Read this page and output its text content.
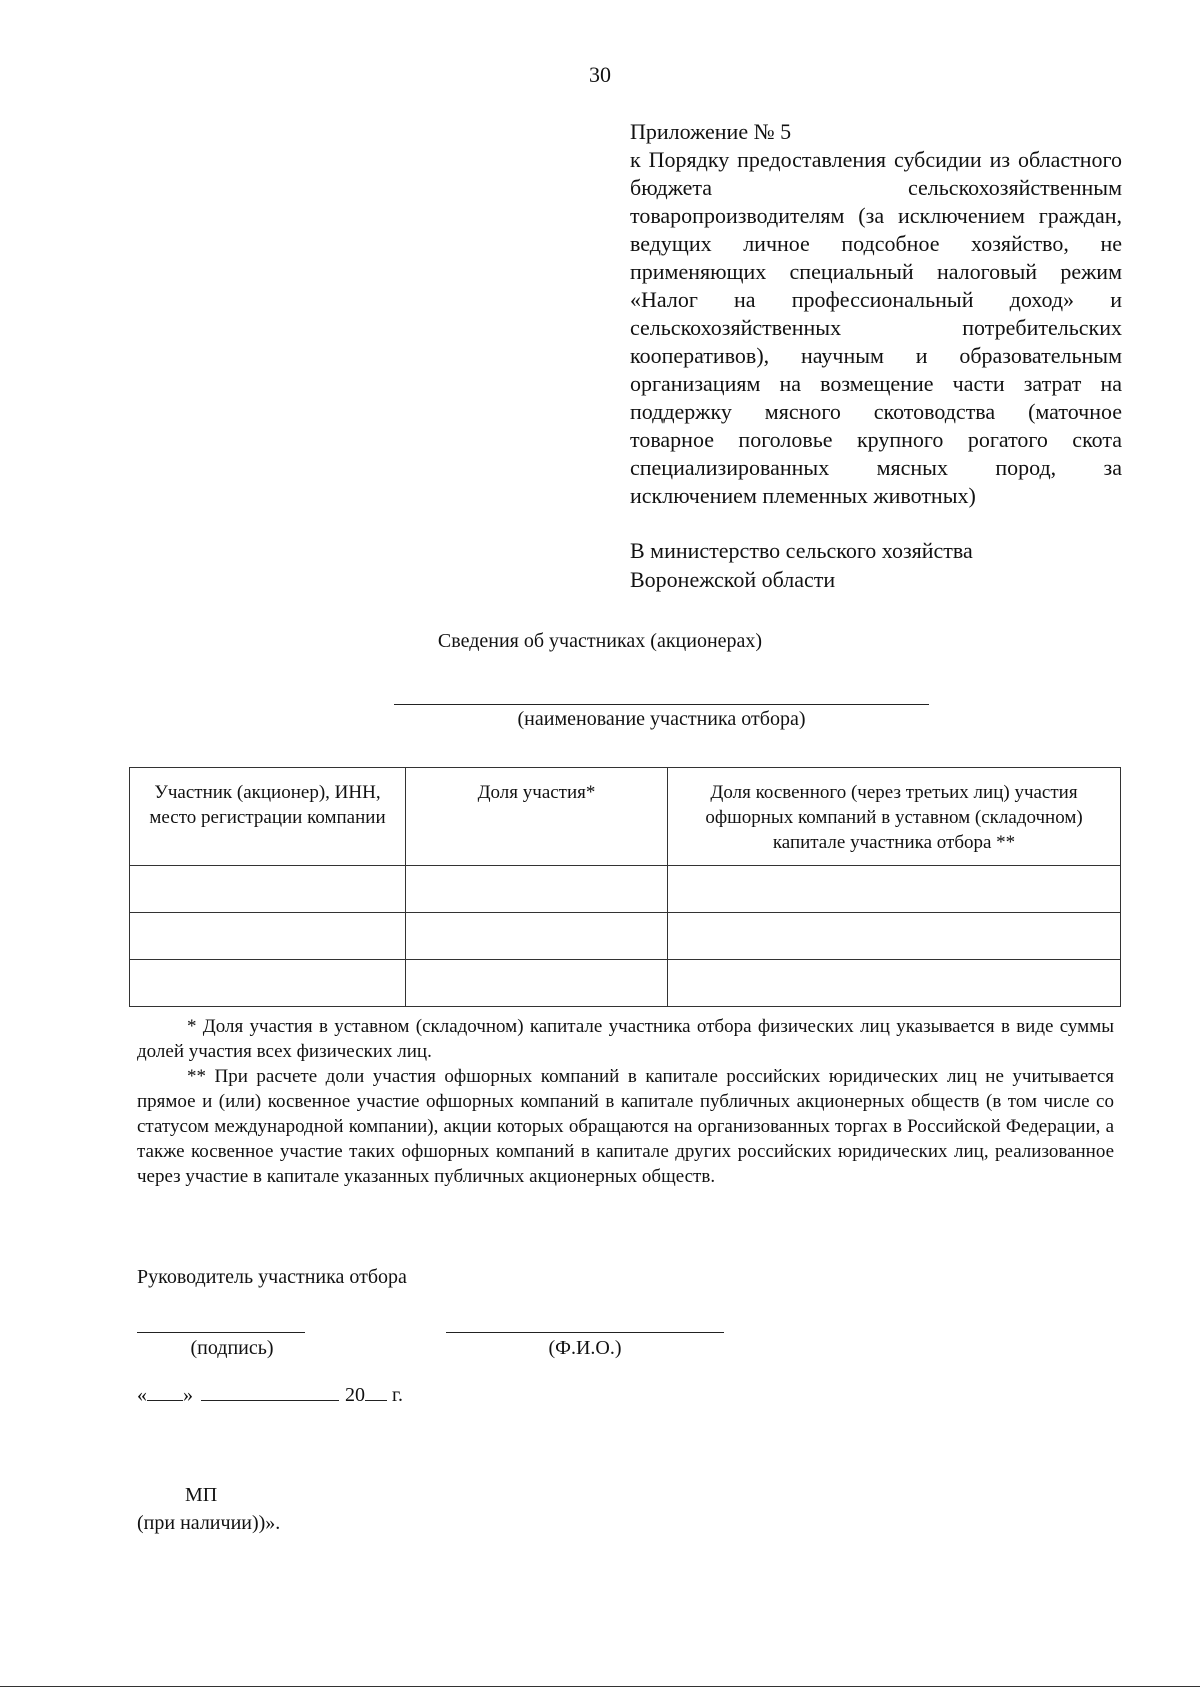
30

Приложение № 5

к Порядку предоставления субсидии из областного бюджета сельскохозяйственным товаропроизводителям (за исключением граждан, ведущих личное подсобное хозяйство, не применяющих специальный налоговый режим «Налог на профессиональный доход» и сельскохозяйственных потребительских кооперативов), научным и образовательным организациям на возмещение части затрат на поддержку мясного скотоводства (маточное товарное поголовье крупного рогатого скота специализированных мясных пород, за исключением племенных животных)

В министерство сельского хозяйства
Воронежской области
Сведения об участниках (акционерах)
(наименование участника отбора)
Участник (акционер), ИНН, место регистрации компании	Доля участия*	Доля косвенного (через третьих лиц) участия офшорных компаний в уставном (складочном) капитале участника отбора **

* Доля участия в уставном (складочном) капитале участника отбора физических лиц указывается в виде суммы долей участия всех физических лиц.

** При расчете доли участия офшорных компаний в капитале российских юридических лиц не учитывается прямое и (или) косвенное участие офшорных компаний в капитале публичных акционерных обществ (в том числе со статусом международной компании), акции которых обращаются на организованных торгах в Российской Федерации, а также косвенное участие таких офшорных компаний в капитале других российских юридических лиц, реализованное через участие в капитале указанных публичных акционерных обществ.

Руководитель участника отбора
(подпись)	(Ф.И.О.)
« »	20 г.
МП
(при наличии))».
